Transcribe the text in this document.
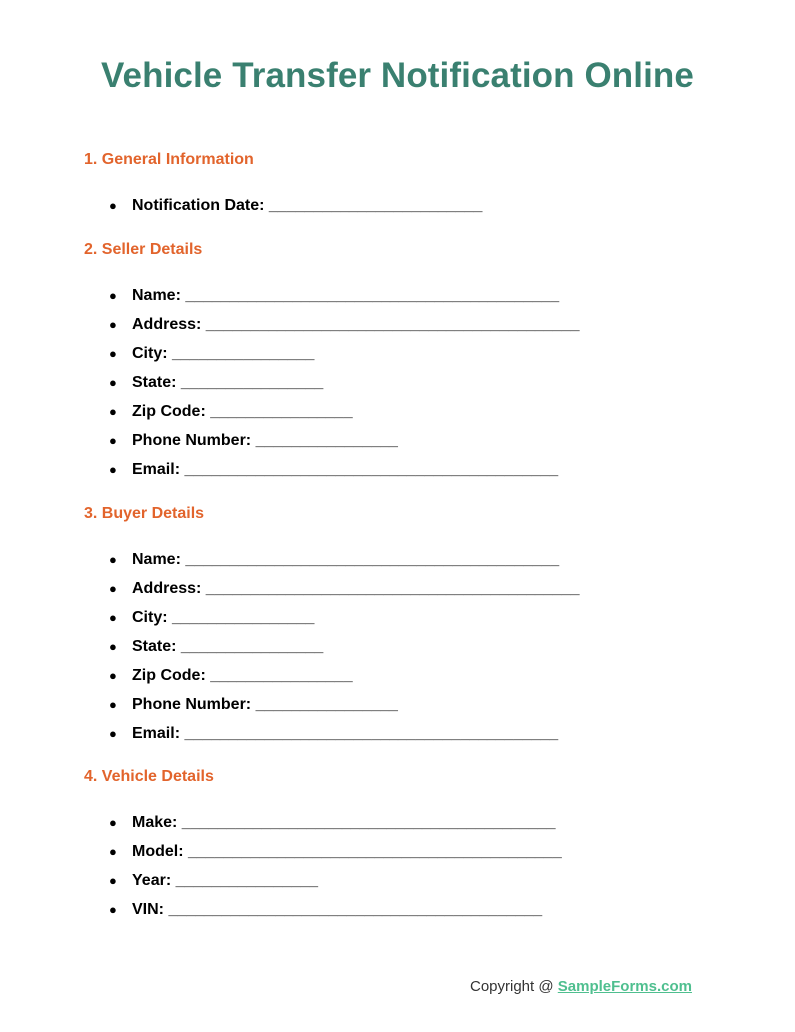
Vehicle Transfer Notification Online
1. General Information
● Notification Date: ________________________
2. Seller Details
● Name: __________________________________________
● Address: __________________________________________
● City: ________________
● State: ________________
● Zip Code: ________________
● Phone Number: ________________
● Email: __________________________________________
3. Buyer Details
● Name: __________________________________________
● Address: __________________________________________
● City: ________________
● State: ________________
● Zip Code: ________________
● Phone Number: ________________
● Email: __________________________________________
4. Vehicle Details
● Make: __________________________________________
● Model: __________________________________________
● Year: ________________
● VIN: __________________________________________
Copyright @ SampleForms.com
